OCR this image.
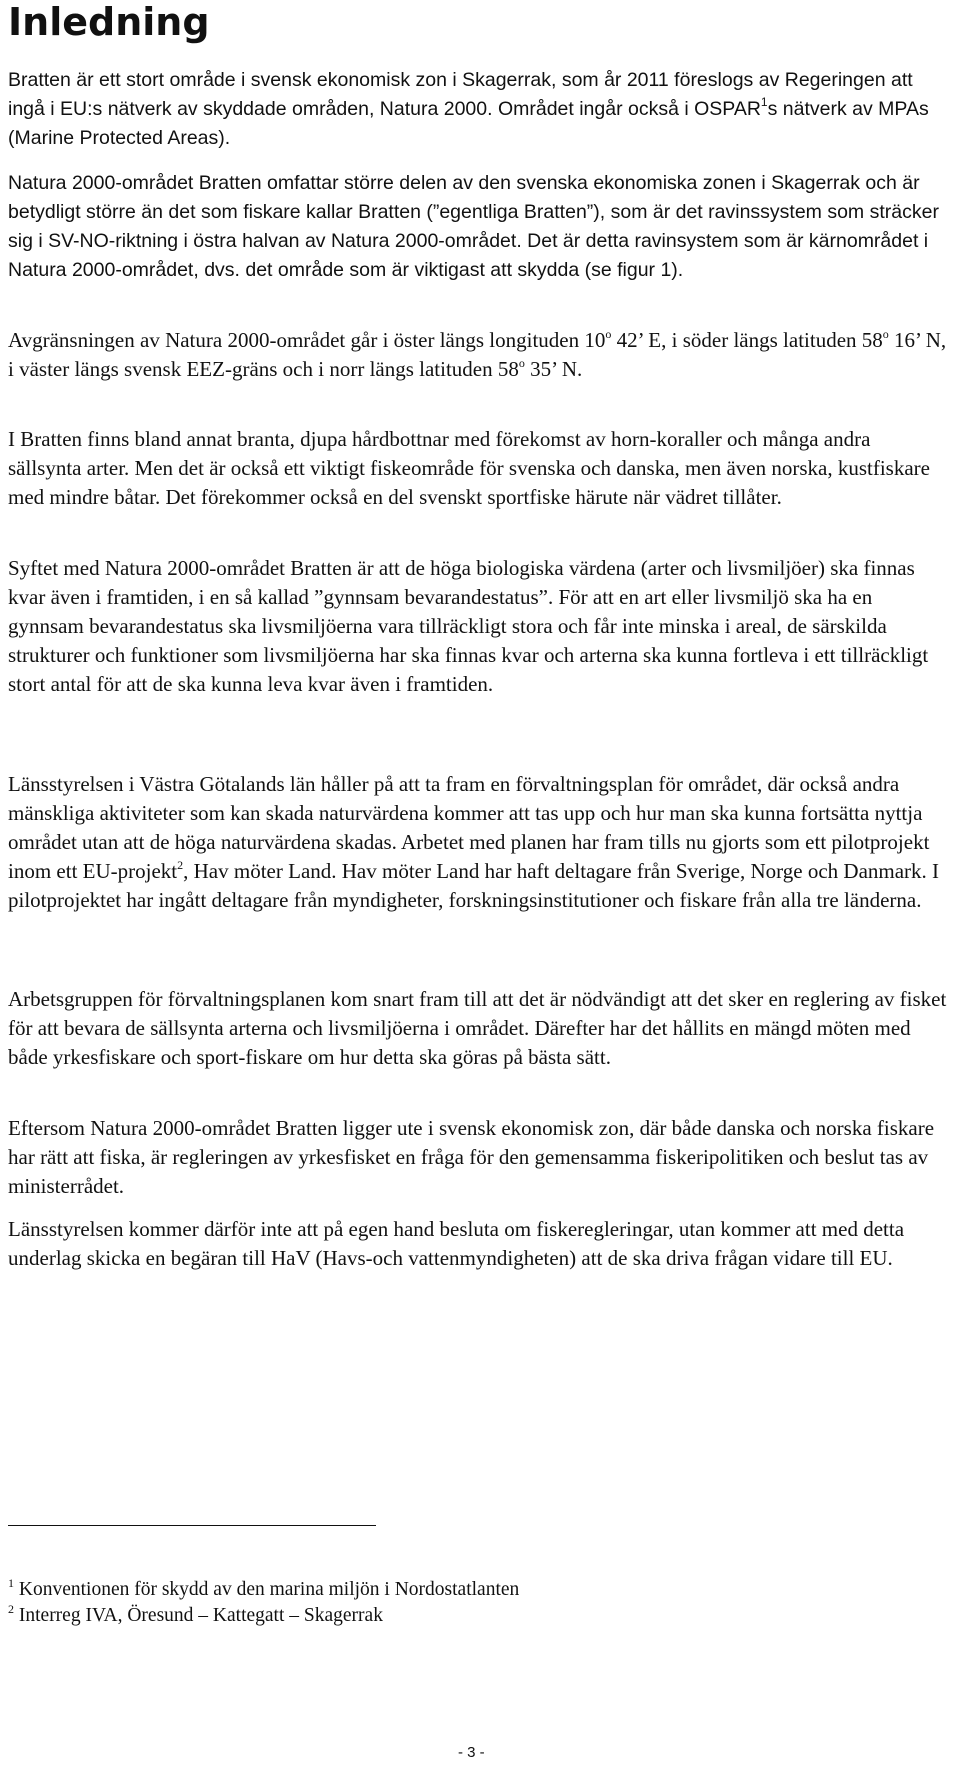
Inledning

Bratten är ett stort område i svensk ekonomisk zon i Skagerrak, som år 2011 föreslogs av Regeringen att ingå i EU:s nätverk av skyddade områden, Natura 2000. Området ingår också i OSPAR$^1$s nätverk av MPAs (Marine Protected Areas).

Natura 2000-området Bratten omfattar större delen av den svenska ekonomiska zonen i Skagerrak och är betydligt större än det som fiskare kallar Bratten (”egentliga Bratten”), som är det ravinssystem som sträcker sig i SV-NO-riktning i östra halvan av Natura 2000-området. Det är detta ravinsystem som är kärnområdet i Natura 2000-området, dvs. det område som är viktigast att skydda (se figur 1).

Avgränsningen av Natura 2000-området går i öster längs longituden 10$^o$ 42’ E, i söder längs latituden 58$^o$ 16’ N, i väster längs svensk EEZ-gräns och i norr längs latituden 58$^o$ 35’ N.

I Bratten finns bland annat branta, djupa hårdbottnar med förekomst av horn-koraller och många andra sällsynta arter. Men det är också ett viktigt fiskeområde för svenska och danska, men även norska, kustfiskare med mindre båtar. Det förekommer också en del svenskt sportfiske härute när vädret tillåter.

Syftet med Natura 2000-området Bratten är att de höga biologiska värdena (arter och livsmiljöer) ska finnas kvar även i framtiden, i en så kallad ”gynnsam bevarandestatus”. För att en art eller livsmiljö ska ha en gynnsam bevarandestatus ska livsmiljöerna vara tillräckligt stora och får inte minska i areal, de särskilda strukturer och funktioner som livsmiljöerna har ska finnas kvar och arterna ska kunna fortleva i ett tillräckligt stort antal för att de ska kunna leva kvar även i framtiden.

Länsstyrelsen i Västra Götalands län håller på att ta fram en förvaltningsplan för området, där också andra mänskliga aktiviteter som kan skada naturvärdena kommer att tas upp och hur man ska kunna fortsätta nyttja området utan att de höga naturvärdena skadas. Arbetet med planen har fram tills nu gjorts som ett pilotprojekt inom ett EU-projekt$^2$, Hav möter Land. Hav möter Land har haft deltagare från Sverige, Norge och Danmark. I pilotprojektet har ingått deltagare från myndigheter, forskningsinstitutioner och fiskare från alla tre länderna.

Arbetsgruppen för förvaltningsplanen kom snart fram till att det är nödvändigt att det sker en reglering av fisket för att bevara de sällsynta arterna och livsmiljöerna i området. Därefter har det hållits en mängd möten med både yrkesfiskare och sport-fiskare om hur detta ska göras på bästa sätt.

Eftersom Natura 2000-området Bratten ligger ute i svensk ekonomisk zon, där både danska och norska fiskare har rätt att fiska, är regleringen av yrkesfisket en fråga för den gemensamma fiskeripolitiken och beslut tas av ministerrådet.

Länsstyrelsen kommer därför inte att på egen hand besluta om fiskeregleringar, utan kommer att med detta underlag skicka en begäran till HaV (Havs-och vattenmyndigheten) att de ska driva frågan vidare till EU.

$^1$ Konventionen för skydd av den marina miljön i Nordostatlanten
$^2$ Interreg IVA, Öresund – Kattegatt – Skagerrak
- 3 -
